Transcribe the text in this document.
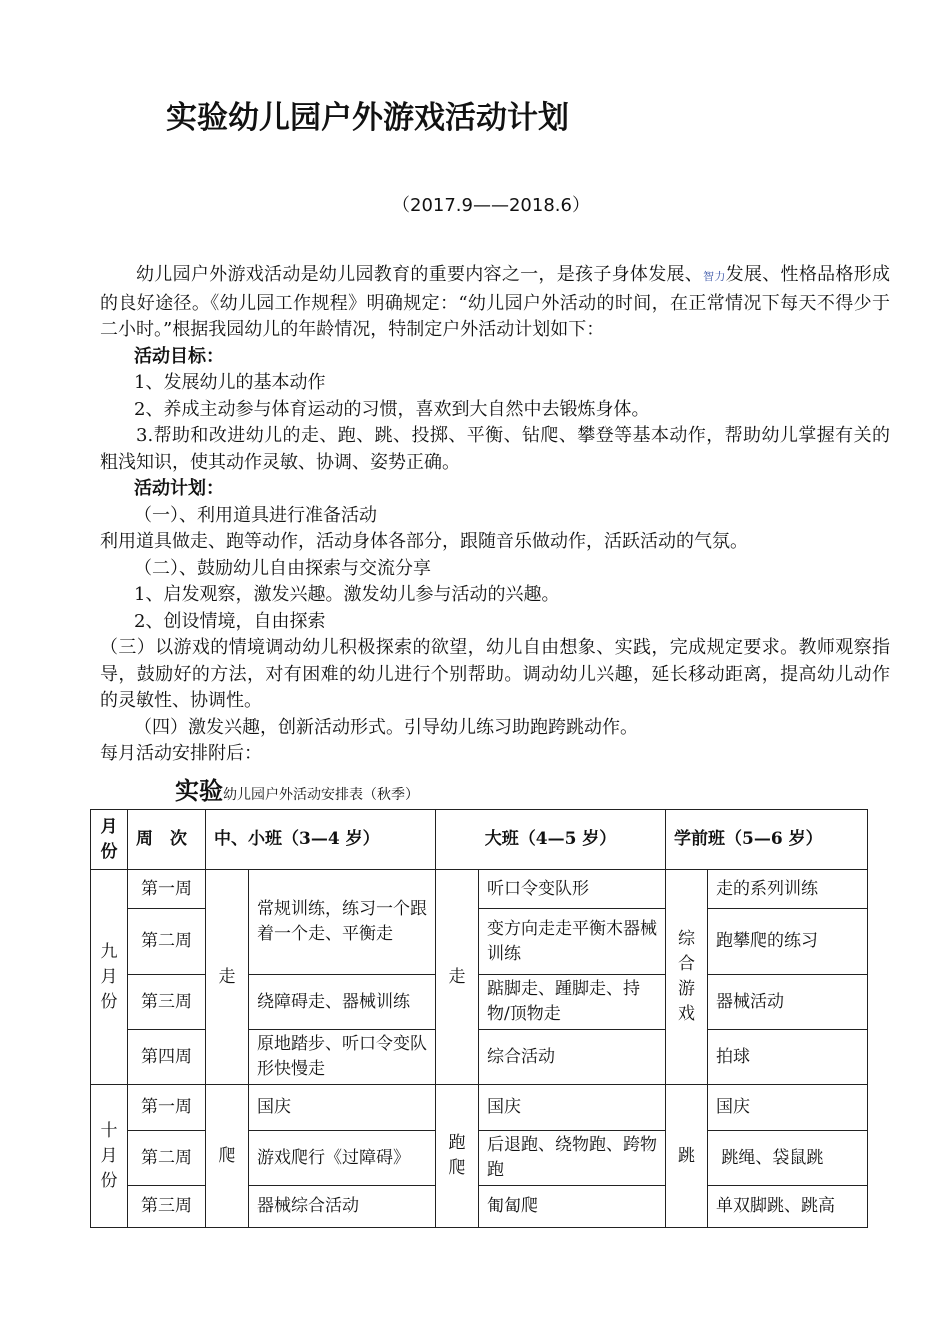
实验幼儿园户外游戏活动计划
（2017.9——2018.6）

幼儿园户外游戏活动是幼儿园教育的重要内容之一，是孩子身体发展、智力发展、性格品格形成的良好途径。《幼儿园工作规程》明确规定：“幼儿园户外活动的时间，在正常情况下每天不得少于二小时。”根据我园幼儿的年龄情况，特制定户外活动计划如下：

活动目标：

1、发展幼儿的基本动作

2、养成主动参与体育运动的习惯，喜欢到大自然中去锻炼身体。

3.帮助和改进幼儿的走、跑、跳、投掷、平衡、钻爬、攀登等基本动作，帮助幼儿掌握有关的粗浅知识，使其动作灵敏、协调、姿势正确。

活动计划：

（一）、利用道具进行准备活动

利用道具做走、跑等动作，活动身体各部分，跟随音乐做动作，活跃活动的气氛。

（二）、鼓励幼儿自由探索与交流分享

1、启发观察，激发兴趣。激发幼儿参与活动的兴趣。

2、创设情境，自由探索

（三）以游戏的情境调动幼儿积极探索的欲望，幼儿自由想象、实践，完成规定要求。教师观察指导，鼓励好的方法，对有困难的幼儿进行个别帮助。调动幼儿兴趣，延长移动距离，提高幼儿动作的灵敏性、协调性。

（四）激发兴趣，创新活动形式。引导幼儿练习助跑跨跳动作。

每月活动安排附后：

实验幼儿园户外活动安排表（秋季）
月份	周　次	中、小班（3—4 岁）		大班（4—5 岁）		学前班（5—6 岁）	
九月份	第一周	走	常规训练，练习一个跟着一个走、平衡走	走	听口令变队形	综合游戏	走的系列训练
	第二周				变方向走走平衡木器械训练		跑攀爬的练习
	第三周		绕障碍走、器械训练		踮脚走、踵脚走、持物/顶物走		器械活动
	第四周		原地踏步、听口令变队形快慢走		综合活动		拍球
十月份	第一周	爬	国庆	跑爬	国庆	跳	国庆
	第二周		游戏爬行《过障碍》		后退跑、绕物跑、跨物跑		跳绳、袋鼠跳
	第三周		器械综合活动		匍匐爬		单双脚跳、跳高
